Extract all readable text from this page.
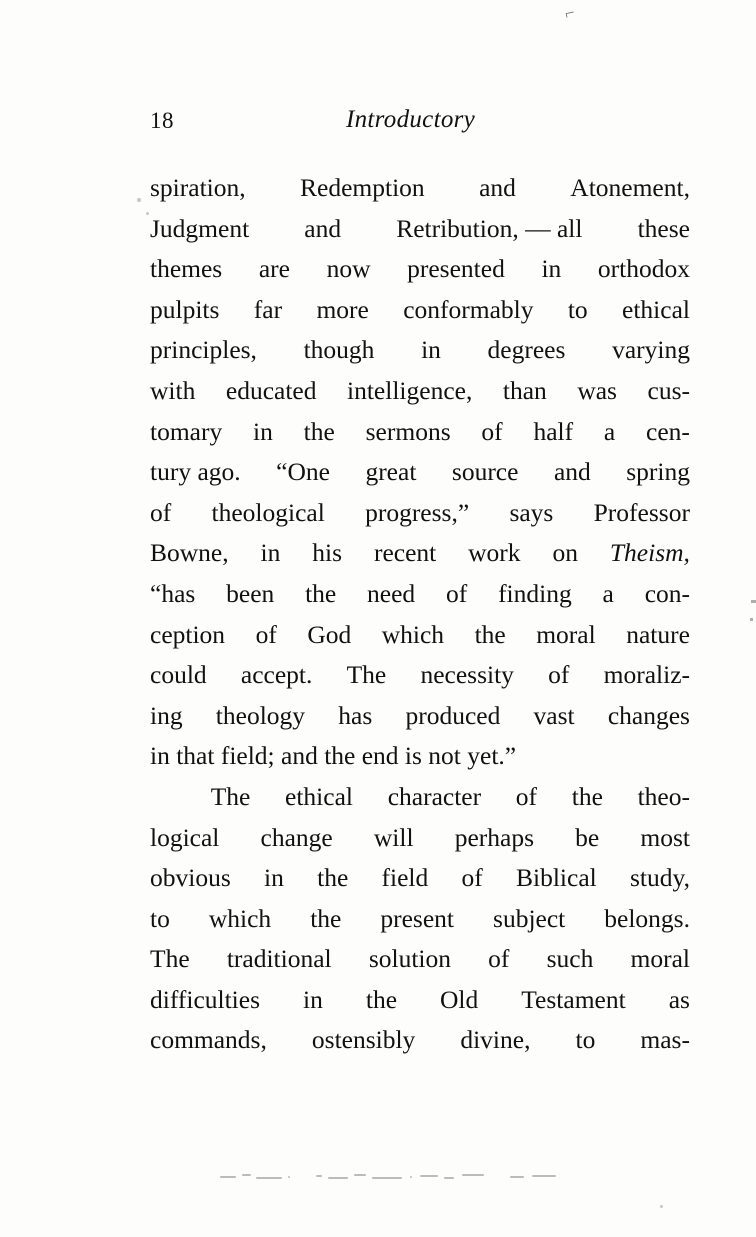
⌐
18	Introductory
spiration, Redemption and Atonement,
Judgment and Retribution, — all these
themes are now presented in orthodox
pulpits far more conformably to ethical
principles, though in degrees varying
with educated intelligence, than was cus-
tomary in the sermons of half a cen-
tury ago. “One great source and spring
of theological progress,” says Professor
Bowne, in his recent work on Theism,
“has been the need of finding a con-
ception of God which the moral nature
could accept. The necessity of moraliz-
ing theology has produced vast changes
in that field; and the end is not yet.”
The ethical character of the theo-
logical change will perhaps be most
obvious in the field of Biblical study,
to which the present subject belongs.
The traditional solution of such moral
difficulties in the Old Testament as
commands, ostensibly divine, to mas-
